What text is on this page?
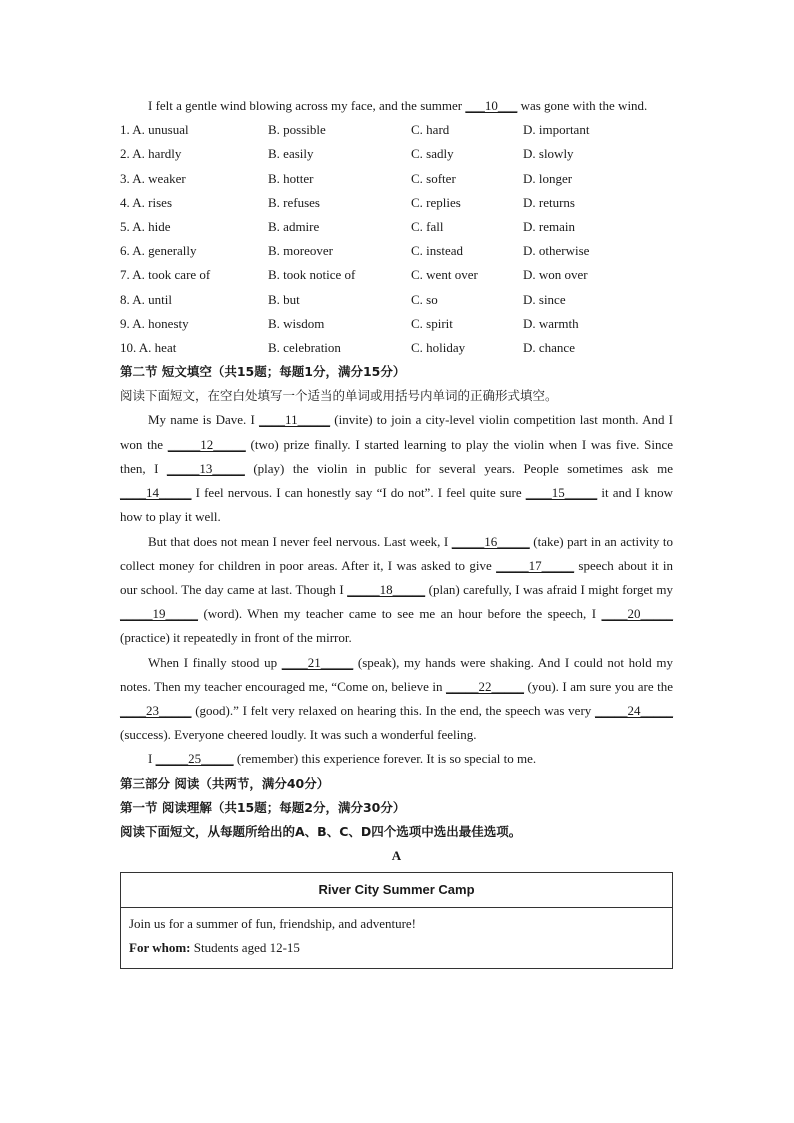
I felt a gentle wind blowing across my face, and the summer ___10___ was gone with the wind.

1. A. unusual	B. possible	C. hard	D. important
2. A. hardly	B. easily	C. sadly	D. slowly
3. A. weaker	B. hotter	C. softer	D. longer
4. A. rises	B. refuses	C. replies	D. returns
5. A. hide	B. admire	C. fall	D. remain
6. A. generally	B. moreover	C. instead	D. otherwise
7. A. took care of	B. took notice of	C. went over	D. won over
8. A. until	B. but	C. so	D. since
9. A. honesty	B. wisdom	C. spirit	D. warmth
10. A. heat	B. celebration	C. holiday	D. chance

第二节 短文填空（共15题；每题1分，满分15分）

阅读下面短文，在空白处填写一个适当的单词或用括号内单词的正确形式填空。

My name is Dave. I ____11_____ (invite) to join a city-level violin competition last month. And I won the _____12_____ (two) prize finally. I started learning to play the violin when I was five. Since then, I _____13_____ (play) the violin in public for several years. People sometimes ask me ____14_____ I feel nervous. I can honestly say “I do not”. I feel quite sure ____15_____ it and I know how to play it well.

But that does not mean I never feel nervous. Last week, I _____16_____ (take) part in an activity to collect money for children in poor areas. After it, I was asked to give _____17_____ speech about it in our school. The day came at last. Though I _____18_____ (plan) carefully, I was afraid I might forget my _____19_____ (word). When my teacher came to see me an hour before the speech, I ____20_____ (practice) it repeatedly in front of the mirror.

When I finally stood up ____21_____ (speak), my hands were shaking. And I could not hold my notes. Then my teacher encouraged me, “Come on, believe in _____22_____ (you). I am sure you are the ____23_____ (good).” I felt very relaxed on hearing this. In the end, the speech was very _____24_____ (success). Everyone cheered loudly. It was such a wonderful feeling.

I _____25_____ (remember) this experience forever. It is so special to me.

第三部分 阅读（共两节，满分40分）

第一节 阅读理解（共15题；每题2分，满分30分）

阅读下面短文，从每题所给出的A、B、C、D四个选项中选出最佳选项。

A

River City Summer Camp

Join us for a summer of fun, friendship, and adventure!

For whom: Students aged 12-15
